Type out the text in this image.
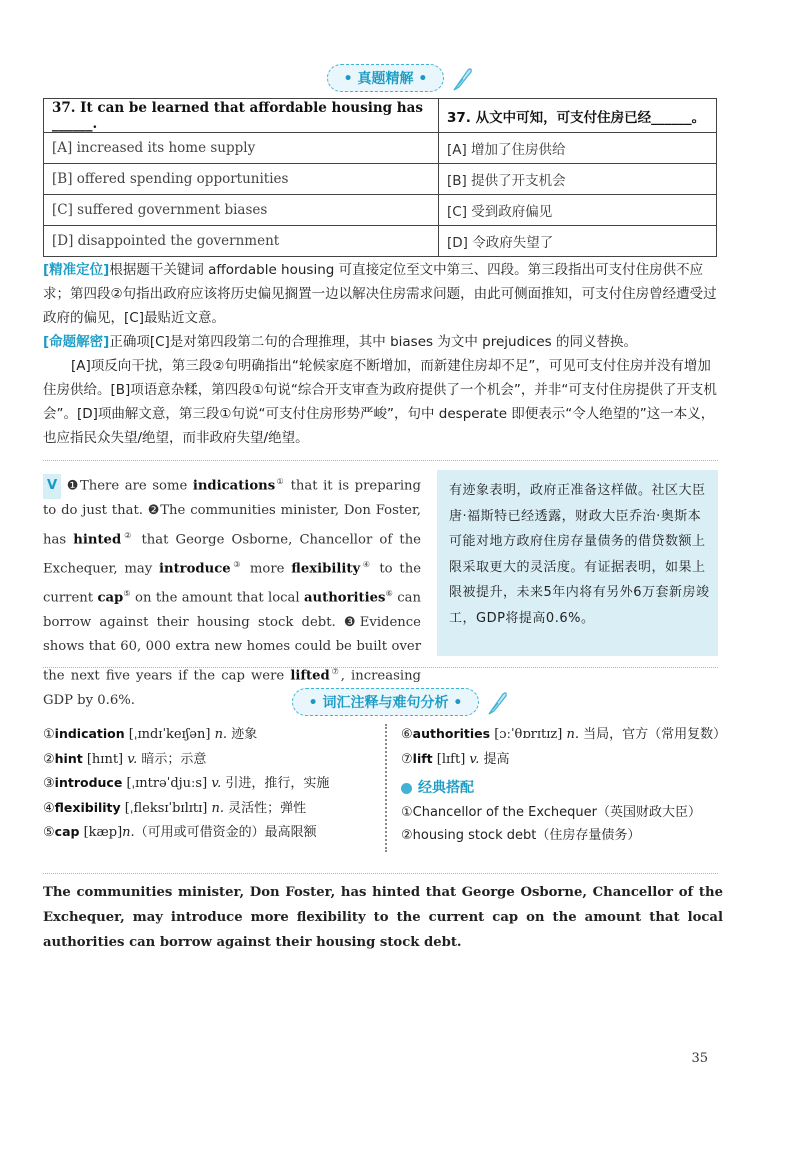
• 真题精解 •
37. It can be learned that affordable housing has ______.	37. 从文中可知，可支付住房已经______。
[A] increased its home supply	[A] 增加了住房供给
[B] offered spending opportunities	[B] 提供了开支机会
[C] suffered government biases	[C] 受到政府偏见
[D] disappointed the government	[D] 令政府失望了
[精准定位]根据题干关键词 affordable housing 可直接定位至文中第三、四段。第三段指出可支付住房供不应求；第四段②句指出政府应该将历史偏见搁置一边以解决住房需求问题，由此可侧面推知，可支付住房曾经遭受过政府的偏见，[C]最贴近文意。
[命题解密]正确项[C]是对第四段第二句的合理推理，其中 biases 为文中 prejudices 的同义替换。
[A]项反向干扰，第三段②句明确指出“轮候家庭不断增加，而新建住房却不足”，可见可支付住房并没有增加住房供给。[B]项语意杂糅，第四段①句说“综合开支审查为政府提供了一个机会”，并非“可支付住房提供了开支机会”。[D]项曲解文意，第三段①句说“可支付住房形势严峻”，句中 desperate 即便表示“令人绝望的”这一本义，也应指民众失望/绝望，而非政府失望/绝望。
V ❶There are some indications① that it is preparing to do just that. ❷The communities minister, Don Foster, has hinted② that George Osborne, Chancellor of the Exchequer, may introduce③ more flexibility④ to the current cap⑤ on the amount that local authorities⑥ can borrow against their housing stock debt. ❸Evidence shows that 60, 000 extra new homes could be built over the next five years if the cap were lifted⑦, increasing GDP by 0.6%.
有迹象表明，政府正准备这样做。社区大臣唐·福斯特已经透露，财政大臣乔治·奥斯本可能对地方政府住房存量债务的借贷数额上限采取更大的灵活度。有证据表明，如果上限被提升，未来5年内将有另外6万套新房竣工，GDP将提高0.6%。
• 词汇注释与难句分析 •
①indication [ˌɪndɪˈkeɪʃən] n. 迹象
②hint [hɪnt] v. 暗示；示意
③introduce [ˌɪntrəˈdjuːs] v. 引进，推行，实施
④flexibility [ˌfleksɪˈbɪlɪtɪ] n. 灵活性；弹性
⑤cap [kæp]n.（可用或可借资金的）最高限额
⑥authorities [ɔːˈθɒrɪtɪz] n. 当局，官方（常用复数）
⑦lift [lɪft] v. 提高
经典搭配
①Chancellor of the Exchequer（英国财政大臣）
②housing stock debt（住房存量债务）
The communities minister, Don Foster, has hinted that George Osborne, Chancellor of the Exchequer, may introduce more flexibility to the current cap on the amount that local authorities can borrow against their housing stock debt.
35
